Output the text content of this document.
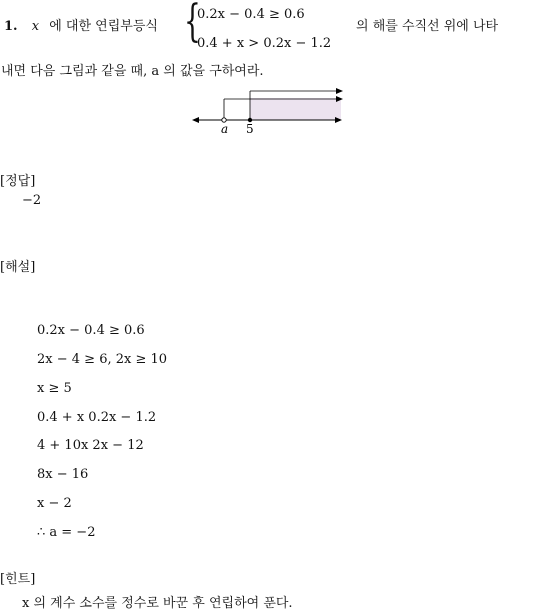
1. x 에 대한 연립부등식 {
0.2x − 0.4 ≥ 0.6
0.4 + x > 0.2x − 1.2
의 해를 수직선 위에 나타
내면 다음 그림과 같을 때, a 의 값을 구하여라.
a 5
[정답]
−2
[해설]
0.2x − 0.4 ≥ 0.6
2x − 4 ≥ 6, 2x ≥ 10
x ≥ 5
0.4 + x 0.2x − 1.2
4 + 10x 2x − 12
8x − 16
x − 2
∴ a = −2
[힌트]
x 의 계수 소수를 정수로 바꾼 후 연립하여 푼다.
